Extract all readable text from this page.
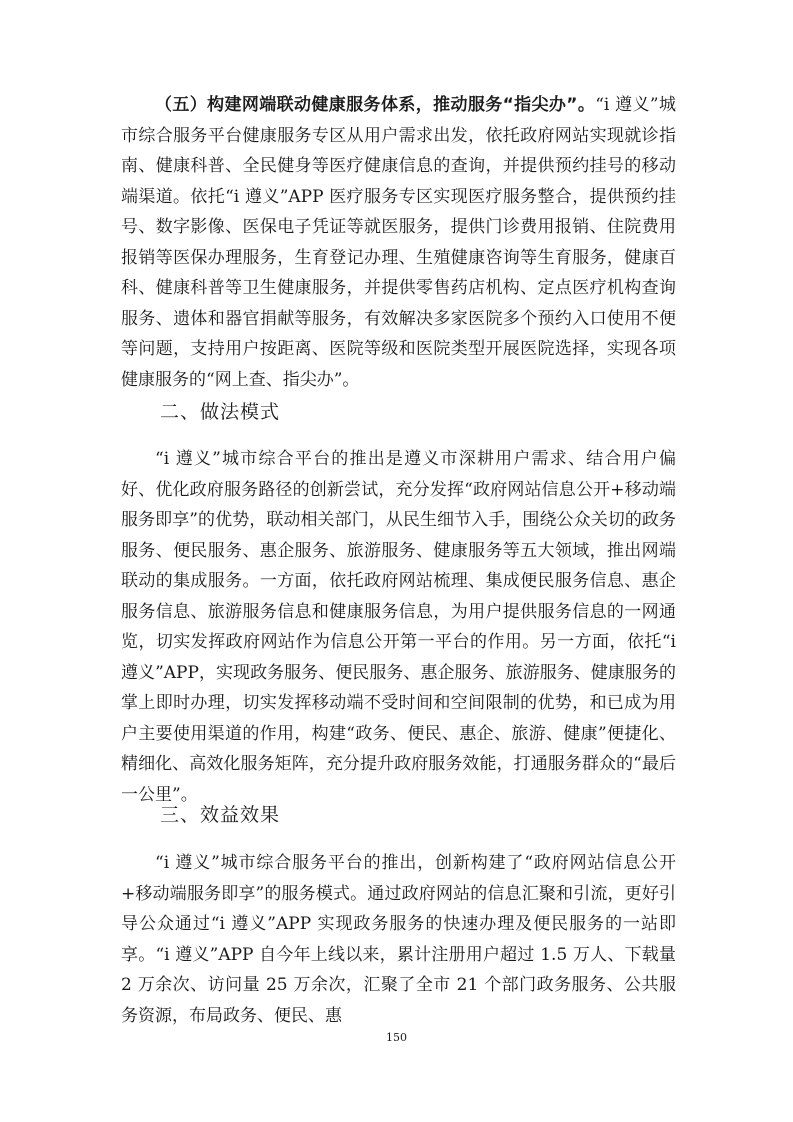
（五）构建网端联动健康服务体系，推动服务“指尖办”。“i 遵义”城市综合服务平台健康服务专区从用户需求出发，依托政府网站实现就诊指南、健康科普、全民健身等医疗健康信息的查询，并提供预约挂号的移动端渠道。依托“i 遵义”APP 医疗服务专区实现医疗服务整合，提供预约挂号、数字影像、医保电子凭证等就医服务，提供门诊费用报销、住院费用报销等医保办理服务，生育登记办理、生殖健康咨询等生育服务，健康百科、健康科普等卫生健康服务，并提供零售药店机构、定点医疗机构查询服务、遗体和器官捐献等服务，有效解决多家医院多个预约入口使用不便等问题，支持用户按距离、医院等级和医院类型开展医院选择，实现各项健康服务的“网上查、指尖办”。

二、做法模式

“i 遵义”城市综合平台的推出是遵义市深耕用户需求、结合用户偏好、优化政府服务路径的创新尝试，充分发挥“政府网站信息公开+移动端服务即享”的优势，联动相关部门，从民生细节入手，围绕公众关切的政务服务、便民服务、惠企服务、旅游服务、健康服务等五大领域，推出网端联动的集成服务。一方面，依托政府网站梳理、集成便民服务信息、惠企服务信息、旅游服务信息和健康服务信息，为用户提供服务信息的一网通览，切实发挥政府网站作为信息公开第一平台的作用。另一方面，依托“i 遵义”APP，实现政务服务、便民服务、惠企服务、旅游服务、健康服务的掌上即时办理，切实发挥移动端不受时间和空间限制的优势，和已成为用户主要使用渠道的作用，构建“政务、便民、惠企、旅游、健康”便捷化、精细化、高效化服务矩阵，充分提升政府服务效能，打通服务群众的“最后一公里”。

三、效益效果

“i 遵义”城市综合服务平台的推出，创新构建了“政府网站信息公开+移动端服务即享”的服务模式。通过政府网站的信息汇聚和引流，更好引导公众通过“i 遵义”APP 实现政务服务的快速办理及便民服务的一站即享。“i 遵义”APP 自今年上线以来，累计注册用户超过 1.5 万人、下载量 2 万余次、访问量 25 万余次，汇聚了全市 21 个部门政务服务、公共服务资源，布局政务、便民、惠

150
